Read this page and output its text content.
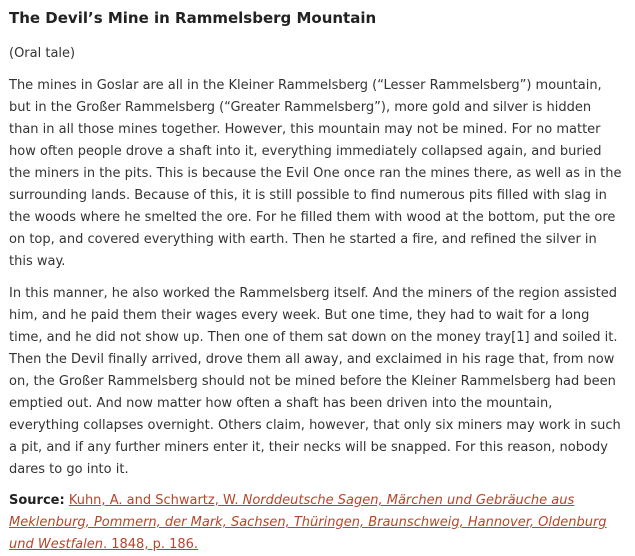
The Devil’s Mine in Rammelsberg Mountain
(Oral tale)

The mines in Goslar are all in the Kleiner Rammelsberg (“Lesser Rammelsberg”) mountain, but in the Großer Rammelsberg (“Greater Rammelsberg”), more gold and silver is hidden than in all those mines together. However, this mountain may not be mined. For no matter how often people drove a shaft into it, everything immediately collapsed again, and buried the miners in the pits. This is because the Evil One once ran the mines there, as well as in the surrounding lands. Because of this, it is still possible to find numerous pits filled with slag in the woods where he smelted the ore. For he filled them with wood at the bottom, put the ore on top, and covered everything with earth. Then he started a fire, and refined the silver in this way.

In this manner, he also worked the Rammelsberg itself. And the miners of the region assisted him, and he paid them their wages every week. But one time, they had to wait for a long time, and he did not show up. Then one of them sat down on the money tray[1] and soiled it. Then the Devil finally arrived, drove them all away, and exclaimed in his rage that, from now on, the Großer Rammelsberg should not be mined before the Kleiner Rammelsberg had been emptied out. And now matter how often a shaft has been driven into the mountain, everything collapses overnight. Others claim, however, that only six miners may work in such a pit, and if any further miners enter it, their necks will be snapped. For this reason, nobody dares to go into it.

Source: Kuhn, A. and Schwartz, W. Norddeutsche Sagen, Märchen und Gebräuche aus Meklenburg, Pommern, der Mark, Sachsen, Thüringen, Braunschweig, Hannover, Oldenburg und Westfalen. 1848, p. 186.
